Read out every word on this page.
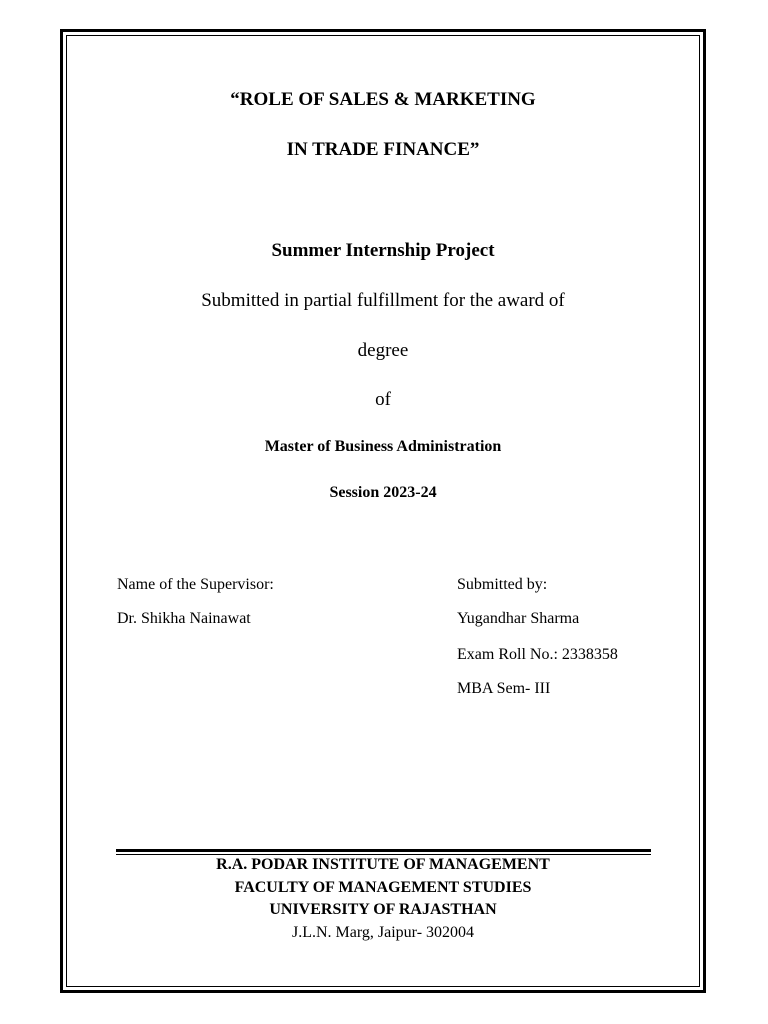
“ROLE OF SALES & MARKETING
IN TRADE FINANCE”
Summer Internship Project
Submitted in partial fulfillment for the award of
degree
of
Master of Business Administration
Session 2023-24
Name of the Supervisor:
Dr. Shikha Nainawat
Submitted by:
Yugandhar Sharma
Exam Roll No.: 2338358
MBA Sem- III
R.A. PODAR INSTITUTE OF MANAGEMENT
FACULTY OF MANAGEMENT STUDIES
UNIVERSITY OF RAJASTHAN
J.L.N. Marg, Jaipur- 302004
